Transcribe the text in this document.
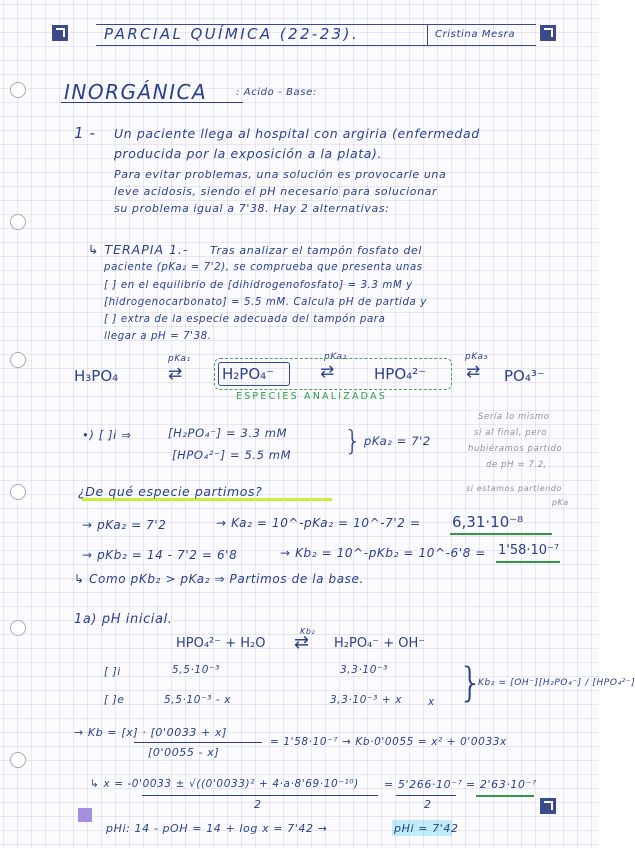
PARCIAL QUÍMICA (22-23).	Cristina Mesra
INORGÁNICA	: Acido - Base:
1 - Un paciente llega al hospital con argiria (enfermedad
producida por la exposición a la plata).
Para evitar problemas, una solución es provocarle una
leve acidosis, siendo el pH necesario para solucionar
su problema igual a 7'38. Hay 2 alternativas:
↳ TERAPIA 1.- Tras analizar el tampón fosfato del
paciente (pKa₂ = 7'2), se comprueba que presenta unas
[ ] en el equilibrio de [dihidrogenofosfato] = 3.3 mM y
[hidrogenocarbonato] = 5.5 mM. Calcula pH de partida y
[ ] extra de la especie adecuada del tampón para
llegar a pH = 7'38.
pKa₁	pKa₂	pKa₃
H₃PO₄	⇄	H₂PO₄⁻	⇄	HPO₄²⁻ ⇄ PO₄³⁻
ESPECIES ANALIZADAS
•) [ ]i ⇒	[H₂PO₄⁻] = 3.3 mM
[HPO₄²⁻] = 5.5 mM } pKa₂ = 7'2
Sería lo mismo
si al final, pero
hubiéramos partido
de pH = 7.2,
si estamos partiendo
pKa
¿De qué especie partimos?
→ pKa₂ = 7'2	→ Ka₂ = 10^-pKa₂ = 10^-7'2 = 6,31·10⁻⁸
→ pKb₂ = 14 - 7'2 = 6'8	→ Kb₂ = 10^-pKb₂ = 10^-6'8 = 1'58·10⁻⁷
↳ Como pKb₂ > pKa₂ ⇒ Partimos de la base.
1a) pH inicial.
HPO₄²⁻ + H₂O
Kb₂
⇄ H₂PO₄⁻ + OH⁻
[ ]i	5,5·10⁻³	3,3·10⁻³
[ ]e	5,5·10⁻³ - x	3,3·10⁻³ + x x }
Kb₂ = [OH⁻][H₂PO₄⁻] / [HPO₄²⁻]
→ Kb = [x] · [0'0033 + x]
[0'0055 - x]
= 1'58·10⁻⁷ → Kb·0'0055 = x² + 0'0033x
↳ x = -0'0033 ± √((0'0033)² + 4·a·8'69·10⁻¹⁰)
2
= 5'266·10⁻⁷
2
= 2'63·10⁻⁷
pHi: 14 - pOH = 14 + log x = 7'42 →	pHi = 7'42
